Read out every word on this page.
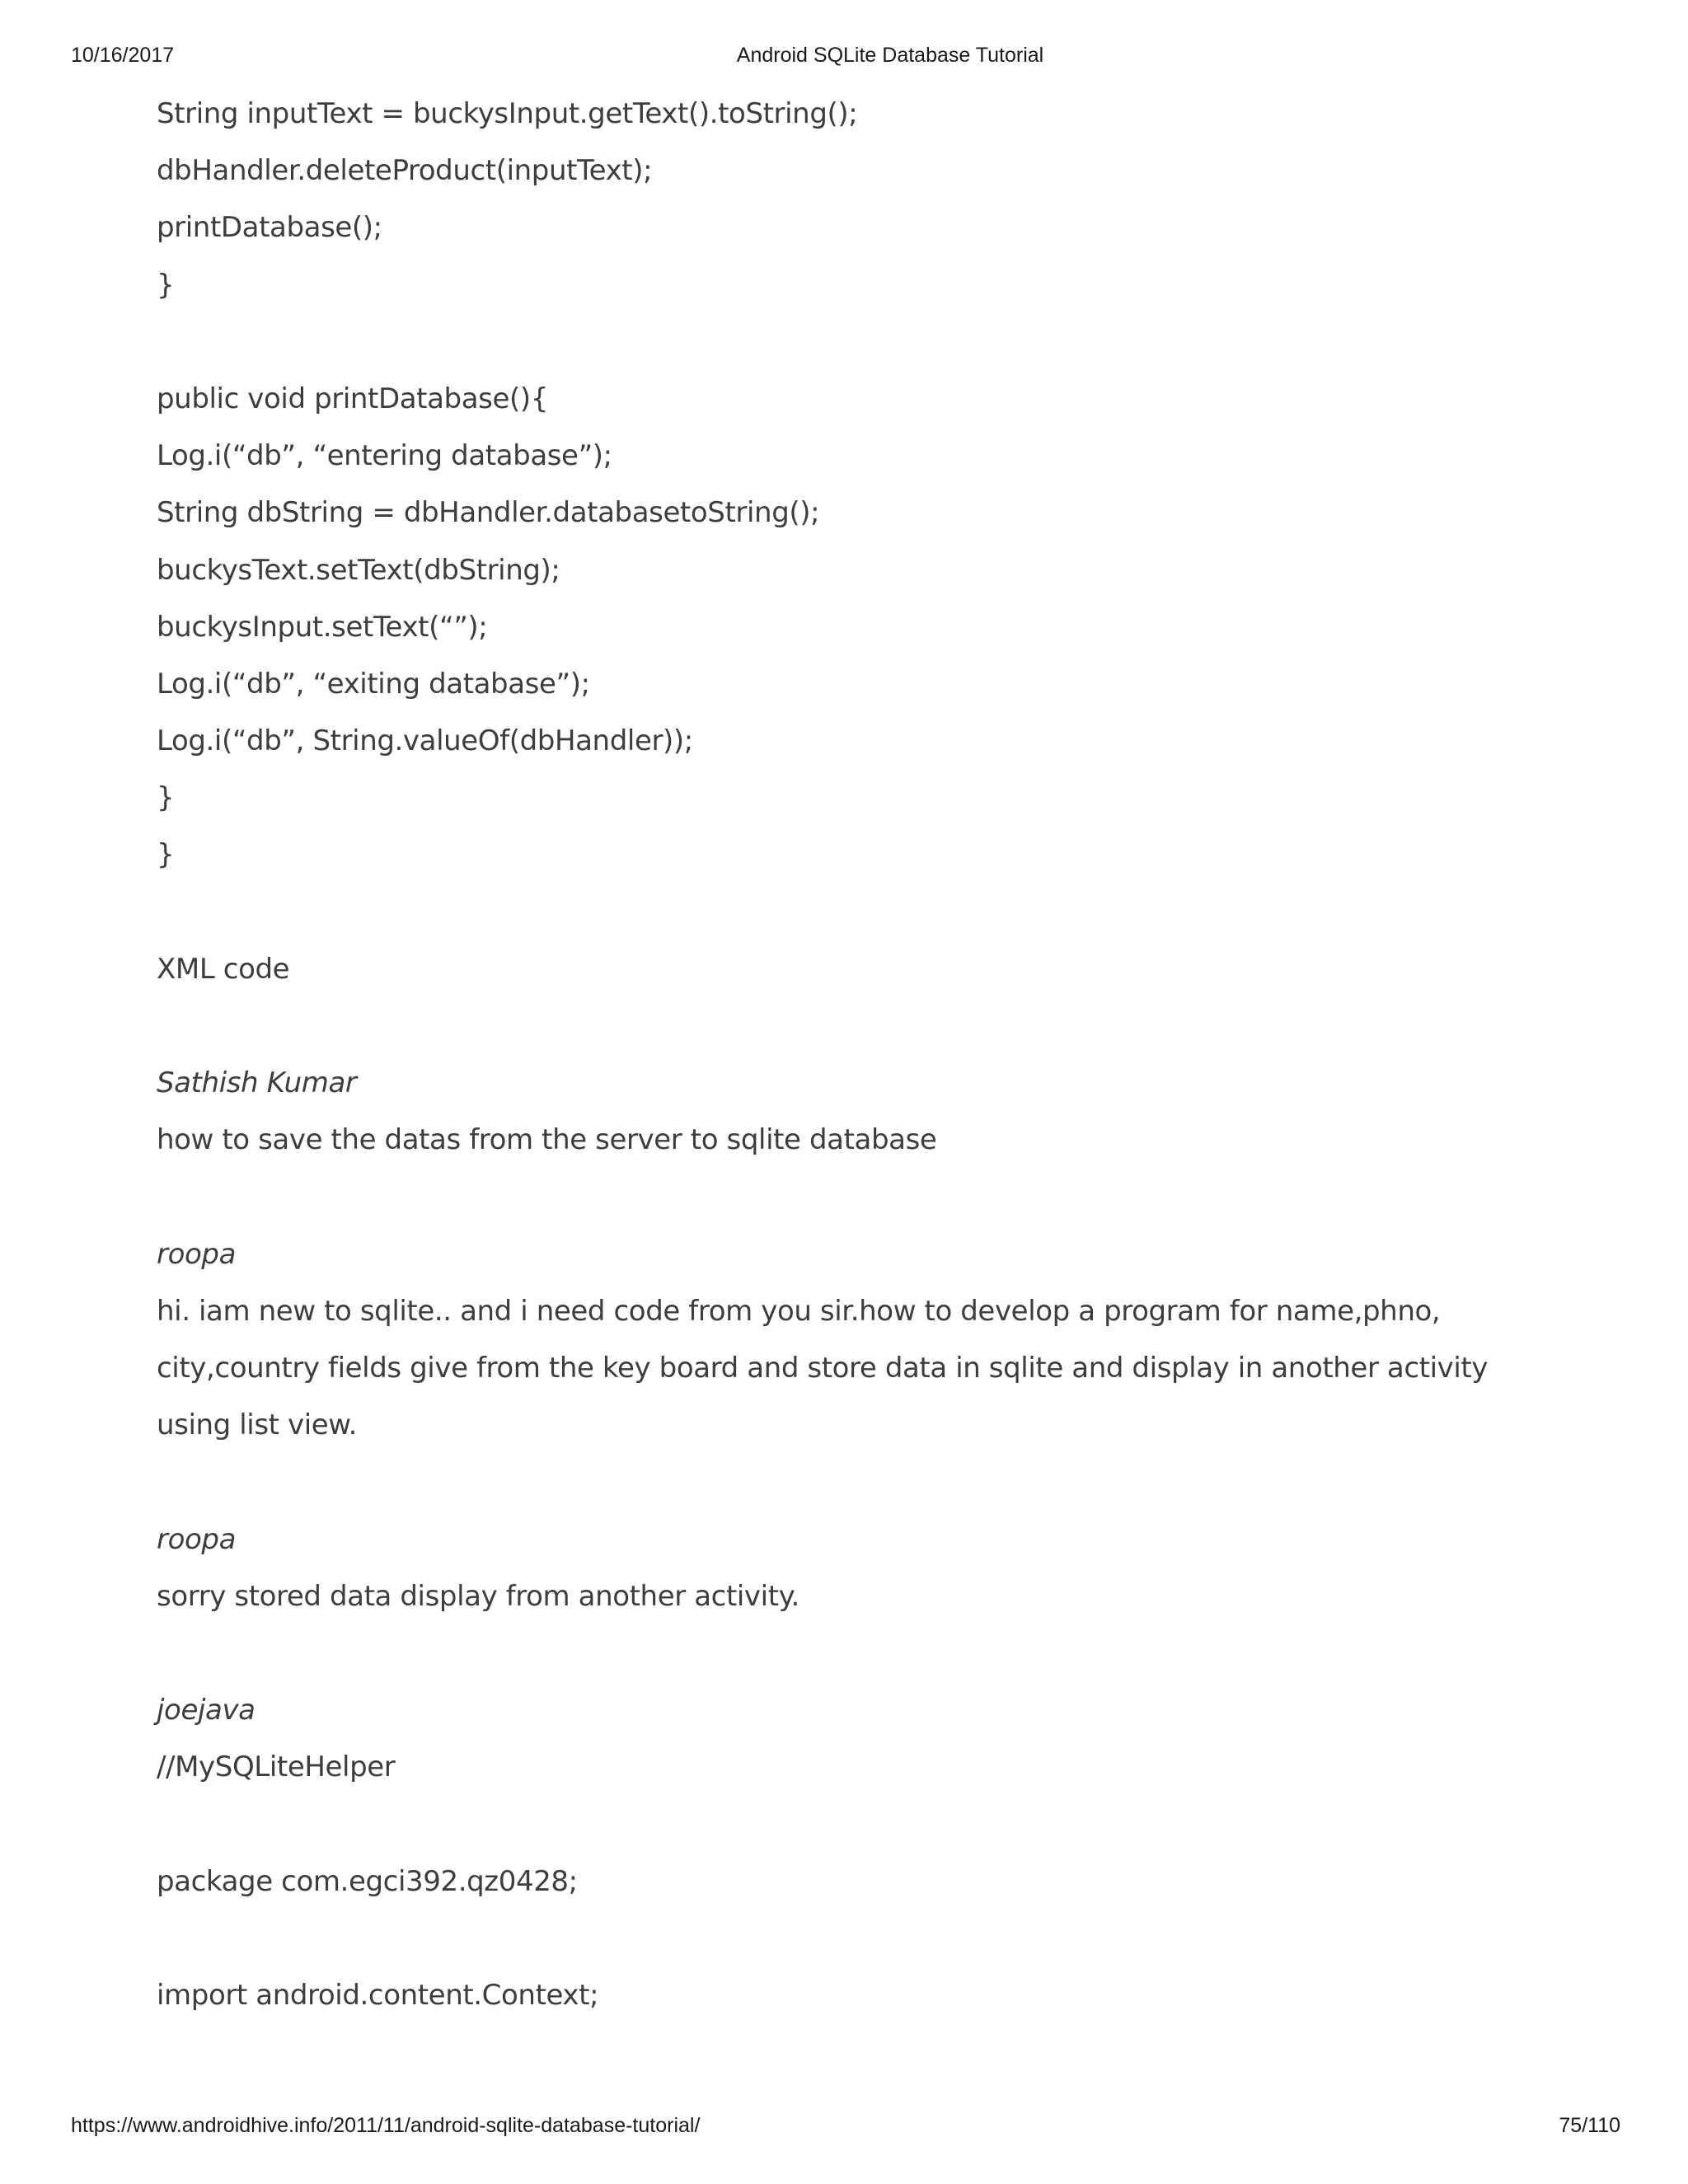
10/16/2017	Android SQLite Database Tutorial
String inputText = buckysInput.getText().toString();
dbHandler.deleteProduct(inputText);
printDatabase();
}
public void printDatabase(){
Log.i(“db”, “entering database”);
String dbString = dbHandler.databasetoString();
buckysText.setText(dbString);
buckysInput.setText(“”);
Log.i(“db”, “exiting database”);
Log.i(“db”, String.valueOf(dbHandler));
}
}
XML code
Sathish Kumar
how to save the datas from the server to sqlite database
roopa
hi. iam new to sqlite.. and i need code from you sir.how to develop a program for name,phno,
city,country fields give from the key board and store data in sqlite and display in another activity
using list view.
roopa
sorry stored data display from another activity.
joejava
//MySQLiteHelper
package com.egci392.qz0428;
import android.content.Context;
https://www.androidhive.info/2011/11/android-sqlite-database-tutorial/	75/110
